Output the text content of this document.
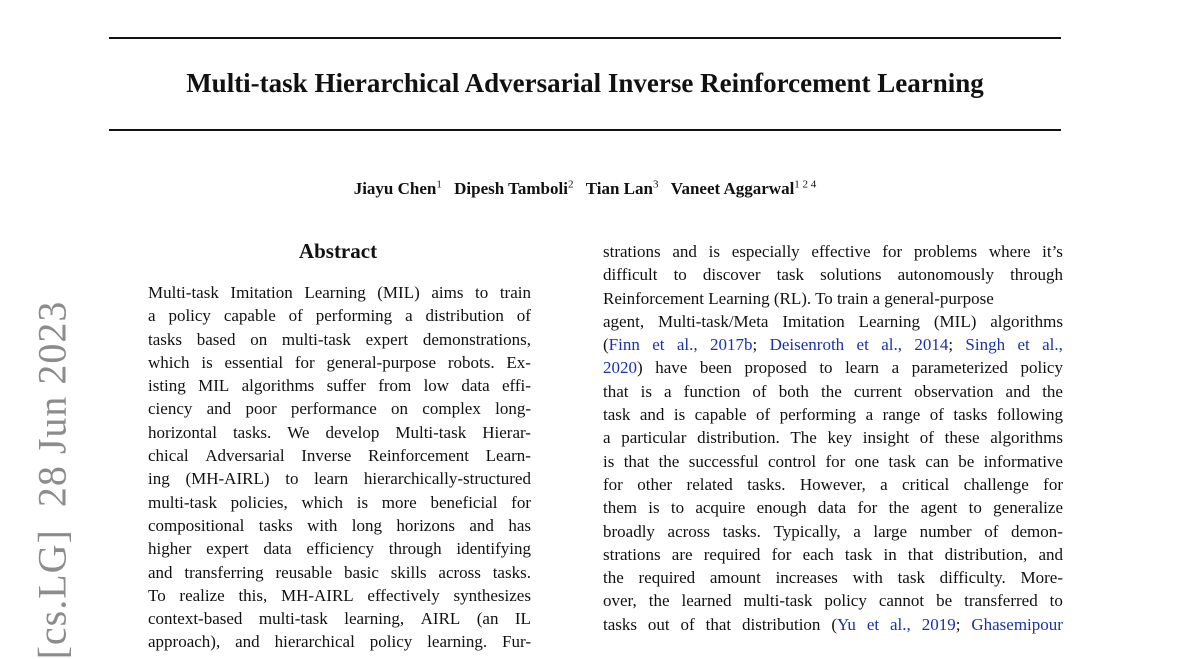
Multi-task Hierarchical Adversarial Inverse Reinforcement Learning
Jiayu Chen$^1$ Dipesh Tamboli$^2$ Tian Lan$^3$ Vaneet Aggarwal$^{1 2 4}$
[cs.LG]28 Jun 2023
Abstract
Multi-task Imitation Learning (MIL) aims to train
a policy capable of performing a distribution of
tasks based on multi-task expert demonstrations,
which is essential for general-purpose robots. Ex-
isting MIL algorithms suffer from low data effi-
ciency and poor performance on complex long-
horizontal tasks. We develop Multi-task Hierar-
chical Adversarial Inverse Reinforcement Learn-
ing (MH-AIRL) to learn hierarchically-structured
multi-task policies, which is more beneficial for
compositional tasks with long horizons and has
higher expert data efficiency through identifying
and transferring reusable basic skills across tasks.
To realize this, MH-AIRL effectively synthesizes
context-based multi-task learning, AIRL (an IL
approach), and hierarchical policy learning. Fur-
strations and is especially effective for problems where it’s
difficult to discover task solutions autonomously through
Reinforcement Learning (RL). To train a general-purpose
agent, Multi-task/Meta Imitation Learning (MIL) algorithms
(Finn et al., 2017b; Deisenroth et al., 2014; Singh et al.,
2020) have been proposed to learn a parameterized policy
that is a function of both the current observation and the
task and is capable of performing a range of tasks following
a particular distribution. The key insight of these algorithms
is that the successful control for one task can be informative
for other related tasks. However, a critical challenge for
them is to acquire enough data for the agent to generalize
broadly across tasks. Typically, a large number of demon-
strations are required for each task in that distribution, and
the required amount increases with task difficulty. More-
over, the learned multi-task policy cannot be transferred to
tasks out of that distribution (Yu et al., 2019; Ghasemipour
